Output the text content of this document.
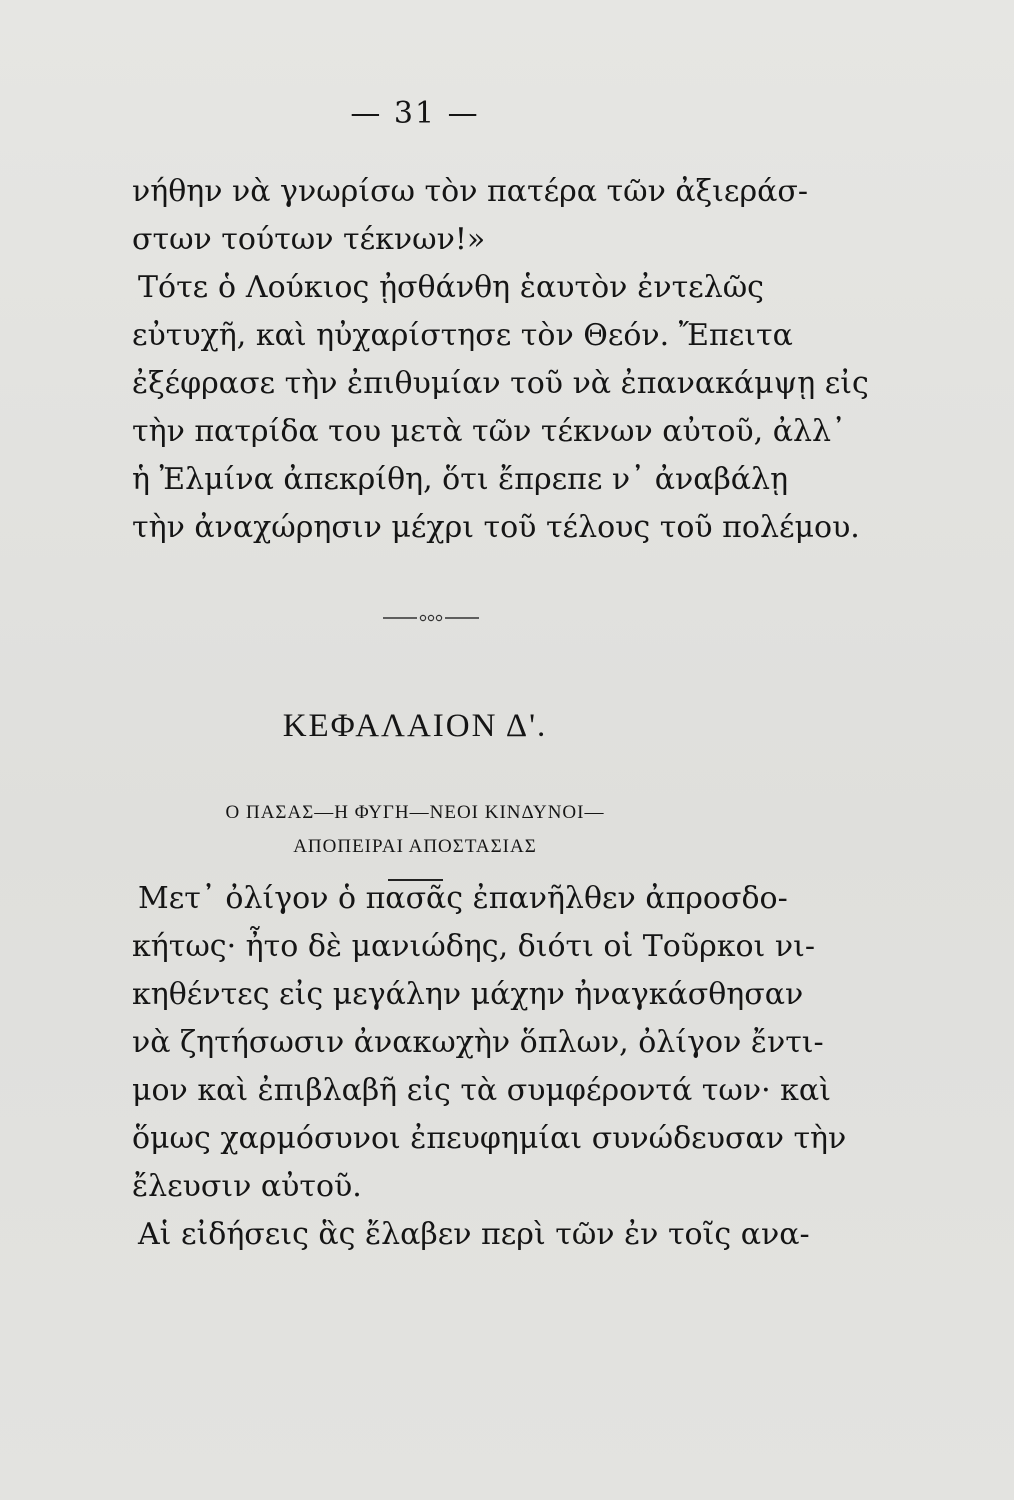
— 31 —
νήθην νὰ γνωρίσω τὸν πατέρα τῶν ἀξιεράσ-
στων τούτων τέκνων!»
Τότε ὁ Λούκιος ᾐσθάνθη ἑαυτὸν ἐντελῶς
εὐτυχῆ, καὶ ηὐχαρίστησε τὸν Θεόν. Ἔπειτα
ἐξέφρασε τὴν ἐπιθυμίαν τοῦ νὰ ἐπανακάμψῃ εἰς
τὴν πατρίδα του μετὰ τῶν τέκνων αὐτοῦ, ἀλλ᾽
ἡ Ἐλμίνα ἀπεκρίθη, ὅτι ἔπρεπε ν᾽ ἀναβάλῃ
τὴν ἀναχώρησιν μέχρι τοῦ τέλους τοῦ πολέμου.
ΚΕΦΑΛΑΙΟΝ Δ'.
Ο ΠΑΣΑΣ—Η ΦΥΓΗ—ΝΕΟΙ ΚΙΝΔΥΝΟΙ—
ΑΠΟΠΕΙΡΑΙ ΑΠΟΣΤΑΣΙΑΣ
Μετ᾽ ὀλίγον ὁ πασᾶς ἐπανῆλθεν ἀπροσδο-
κήτως· ἦτο δὲ μανιώδης, διότι οἱ Τοῦρκοι νι-
κηθέντες εἰς μεγάλην μάχην ἠναγκάσθησαν
νὰ ζητήσωσιν ἀνακωχὴν ὅπλων, ὀλίγον ἔντι-
μον καὶ ἐπιβλαβῆ εἰς τὰ συμφέροντά των· καὶ
ὅμως χαρμόσυνοι ἐπευφημίαι συνώδευσαν τὴν
ἔλευσιν αὐτοῦ.
Αἱ εἰδήσεις ἃς ἔλαβεν περὶ τῶν ἐν τοῖς ανα-
